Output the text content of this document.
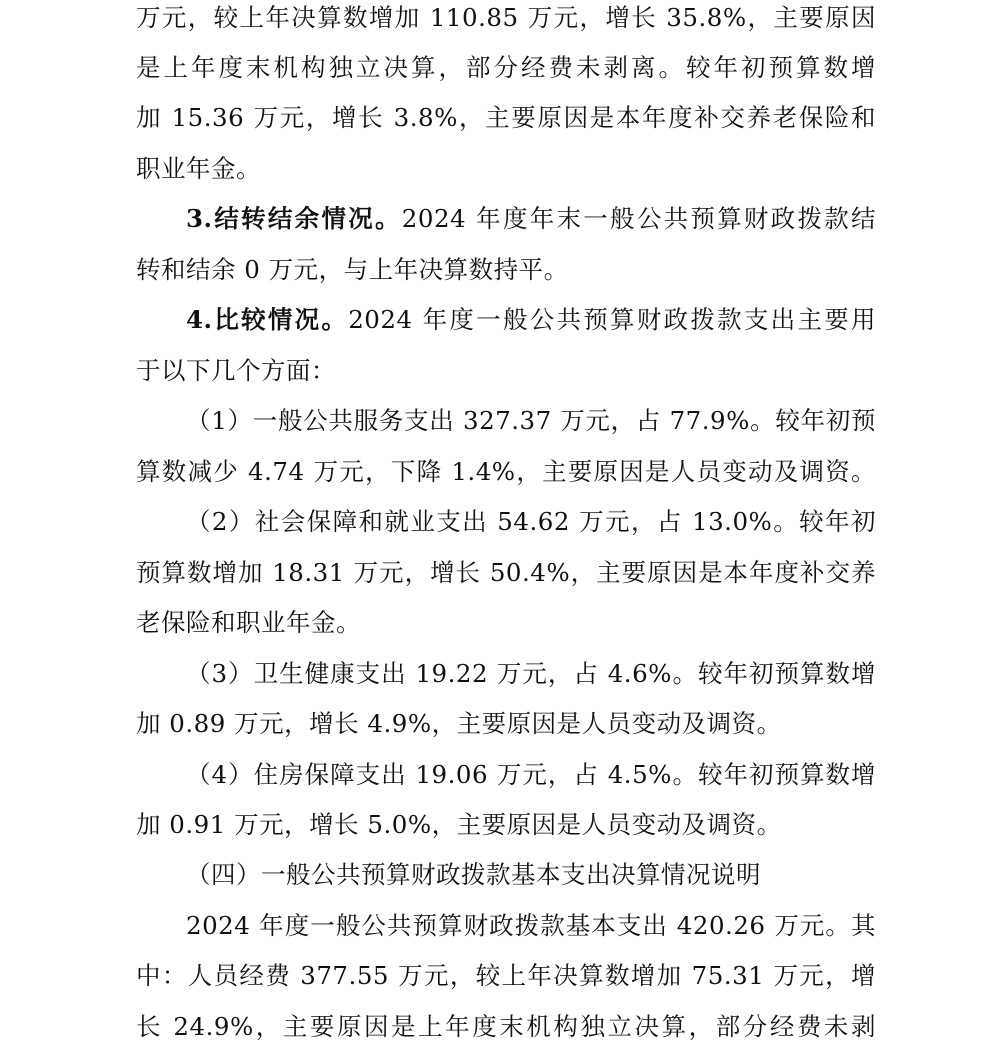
万元，较上年决算数增加 110.85 万元，增长 35.8%，主要原因
是上年度末机构独立决算，部分经费未剥离。较年初预算数增
加 15.36 万元，增长 3.8%，主要原因是本年度补交养老保险和
职业年金。
3.结转结余情况。2024 年度年末一般公共预算财政拨款结
转和结余 0 万元，与上年决算数持平。
4.比较情况。2024 年度一般公共预算财政拨款支出主要用
于以下几个方面：
（1）一般公共服务支出 327.37 万元，占 77.9%。较年初预
算数减少 4.74 万元，下降 1.4%，主要原因是人员变动及调资。
（2）社会保障和就业支出 54.62 万元，占 13.0%。较年初
预算数增加 18.31 万元，增长 50.4%，主要原因是本年度补交养
老保险和职业年金。
（3）卫生健康支出 19.22 万元，占 4.6%。较年初预算数增
加 0.89 万元，增长 4.9%，主要原因是人员变动及调资。
（4）住房保障支出 19.06 万元，占 4.5%。较年初预算数增
加 0.91 万元，增长 5.0%，主要原因是人员变动及调资。
（四）一般公共预算财政拨款基本支出决算情况说明
2024 年度一般公共预算财政拨款基本支出 420.26 万元。其
中：人员经费 377.55 万元，较上年决算数增加 75.31 万元，增
长 24.9%，主要原因是上年度末机构独立决算，部分经费未剥
